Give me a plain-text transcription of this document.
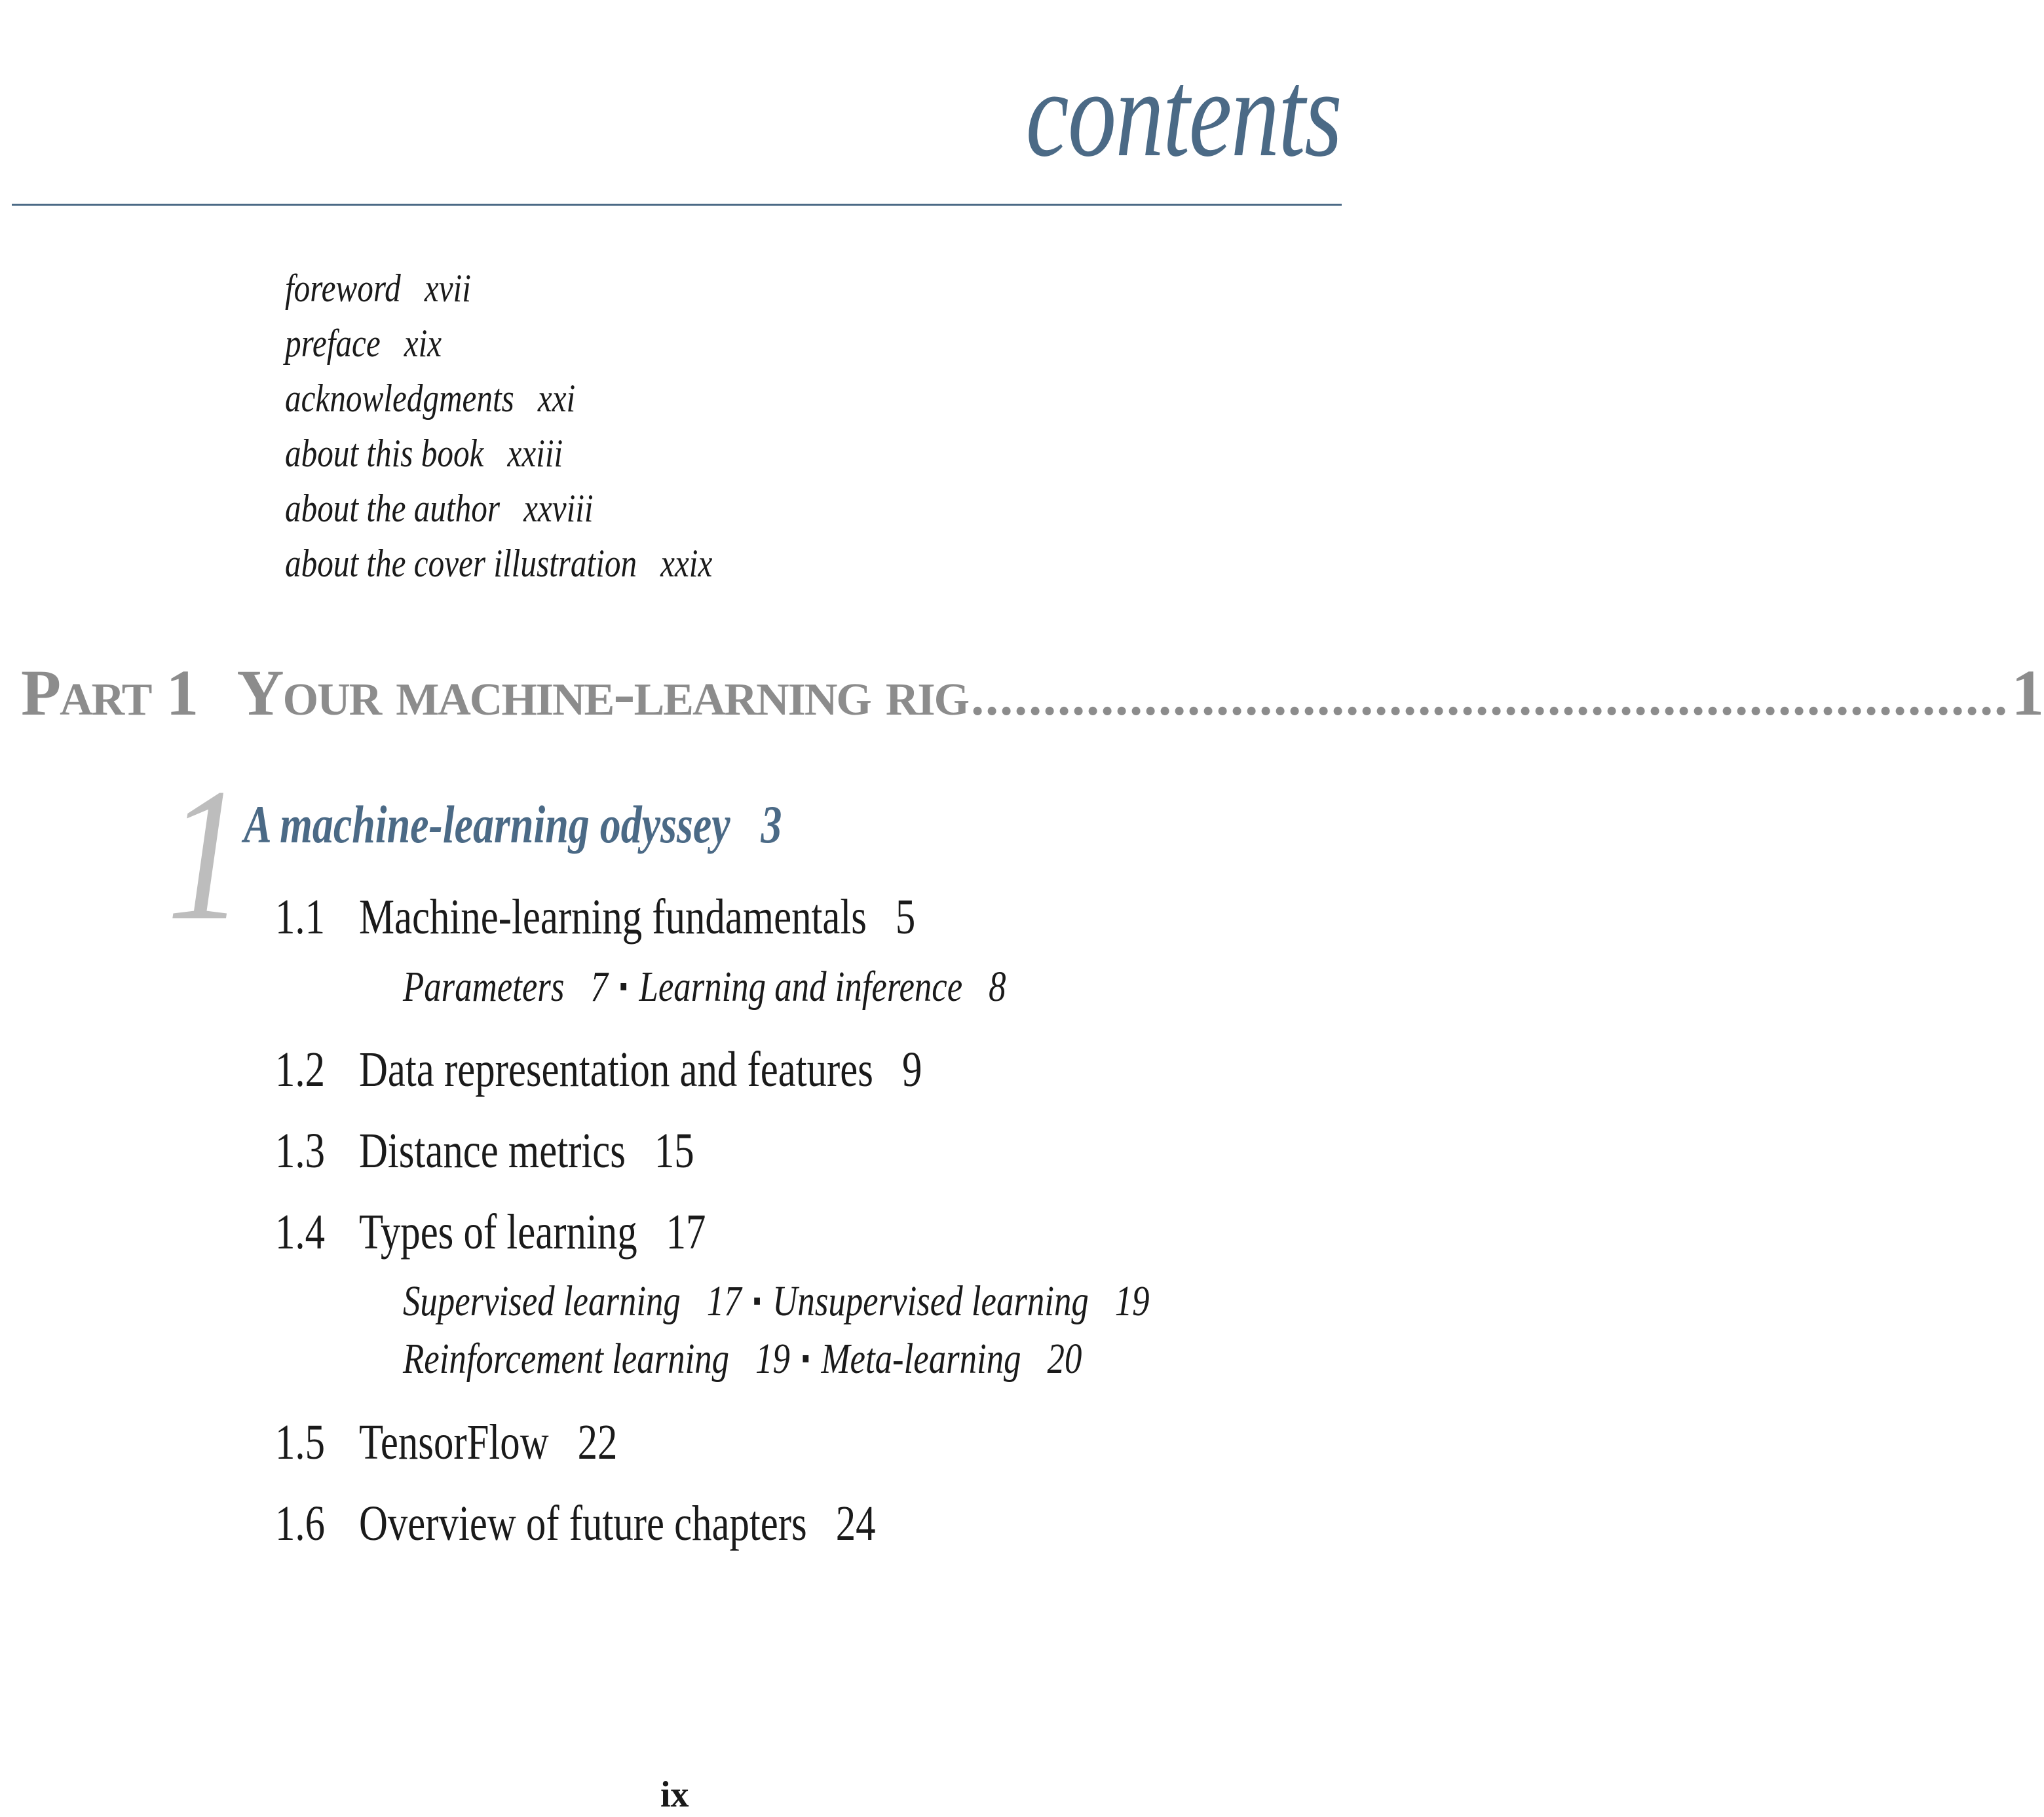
contents
foreword xvii
preface xix
acknowledgments xxi
about this book xxiii
about the author xxviii
about the cover illustration xxix
Part 1 Your machine-learning rig ........................................................................ 1
1 A machine-learning odyssey 3
1.1 Machine-learning fundamentals 5
Parameters 7 ▪ Learning and inference 8
1.2 Data representation and features 9
1.3 Distance metrics 15
1.4 Types of learning 17
Supervised learning 17 ▪ Unsupervised learning 19
Reinforcement learning 19 ▪ Meta-learning 20
1.5 TensorFlow 22
1.6 Overview of future chapters 24
ix
